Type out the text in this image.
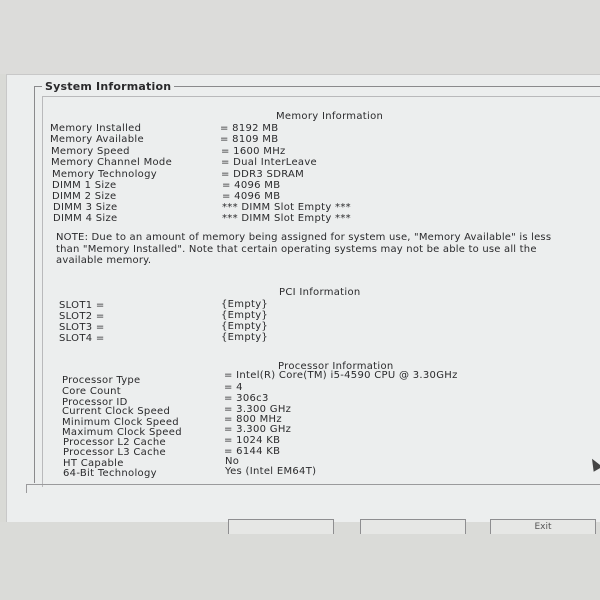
System Information
Memory Information
Memory Installed	= 8192 MB
Memory Available	= 8109 MB
Memory Speed	= 1600 MHz
Memory Channel Mode	= Dual InterLeave
Memory Technology	= DDR3 SDRAM
DIMM 1 Size	= 4096 MB
DIMM 2 Size	= 4096 MB
DIMM 3 Size	*** DIMM Slot Empty ***
DIMM 4 Size	*** DIMM Slot Empty ***
NOTE: Due to an amount of memory being assigned for system use, "Memory Available" is less than "Memory Installed". Note that certain operating systems may not be able to use all the available memory.
PCI Information
SLOT1 =	{Empty}
SLOT2 =	{Empty}
SLOT3 =	{Empty}
SLOT4 =	{Empty}
Processor Information
Processor Type	= Intel(R) Core(TM) i5-4590 CPU @ 3.30GHz
Core Count	= 4
Processor ID	= 306c3
Current Clock Speed	= 3.300 GHz
Minimum Clock Speed	= 800 MHz
Maximum Clock Speed	= 3.300 GHz
Processor L2 Cache	= 1024 KB
Processor L3 Cache	= 6144 KB
HT Capable	No
64-Bit Technology	Yes (Intel EM64T)
Exit
